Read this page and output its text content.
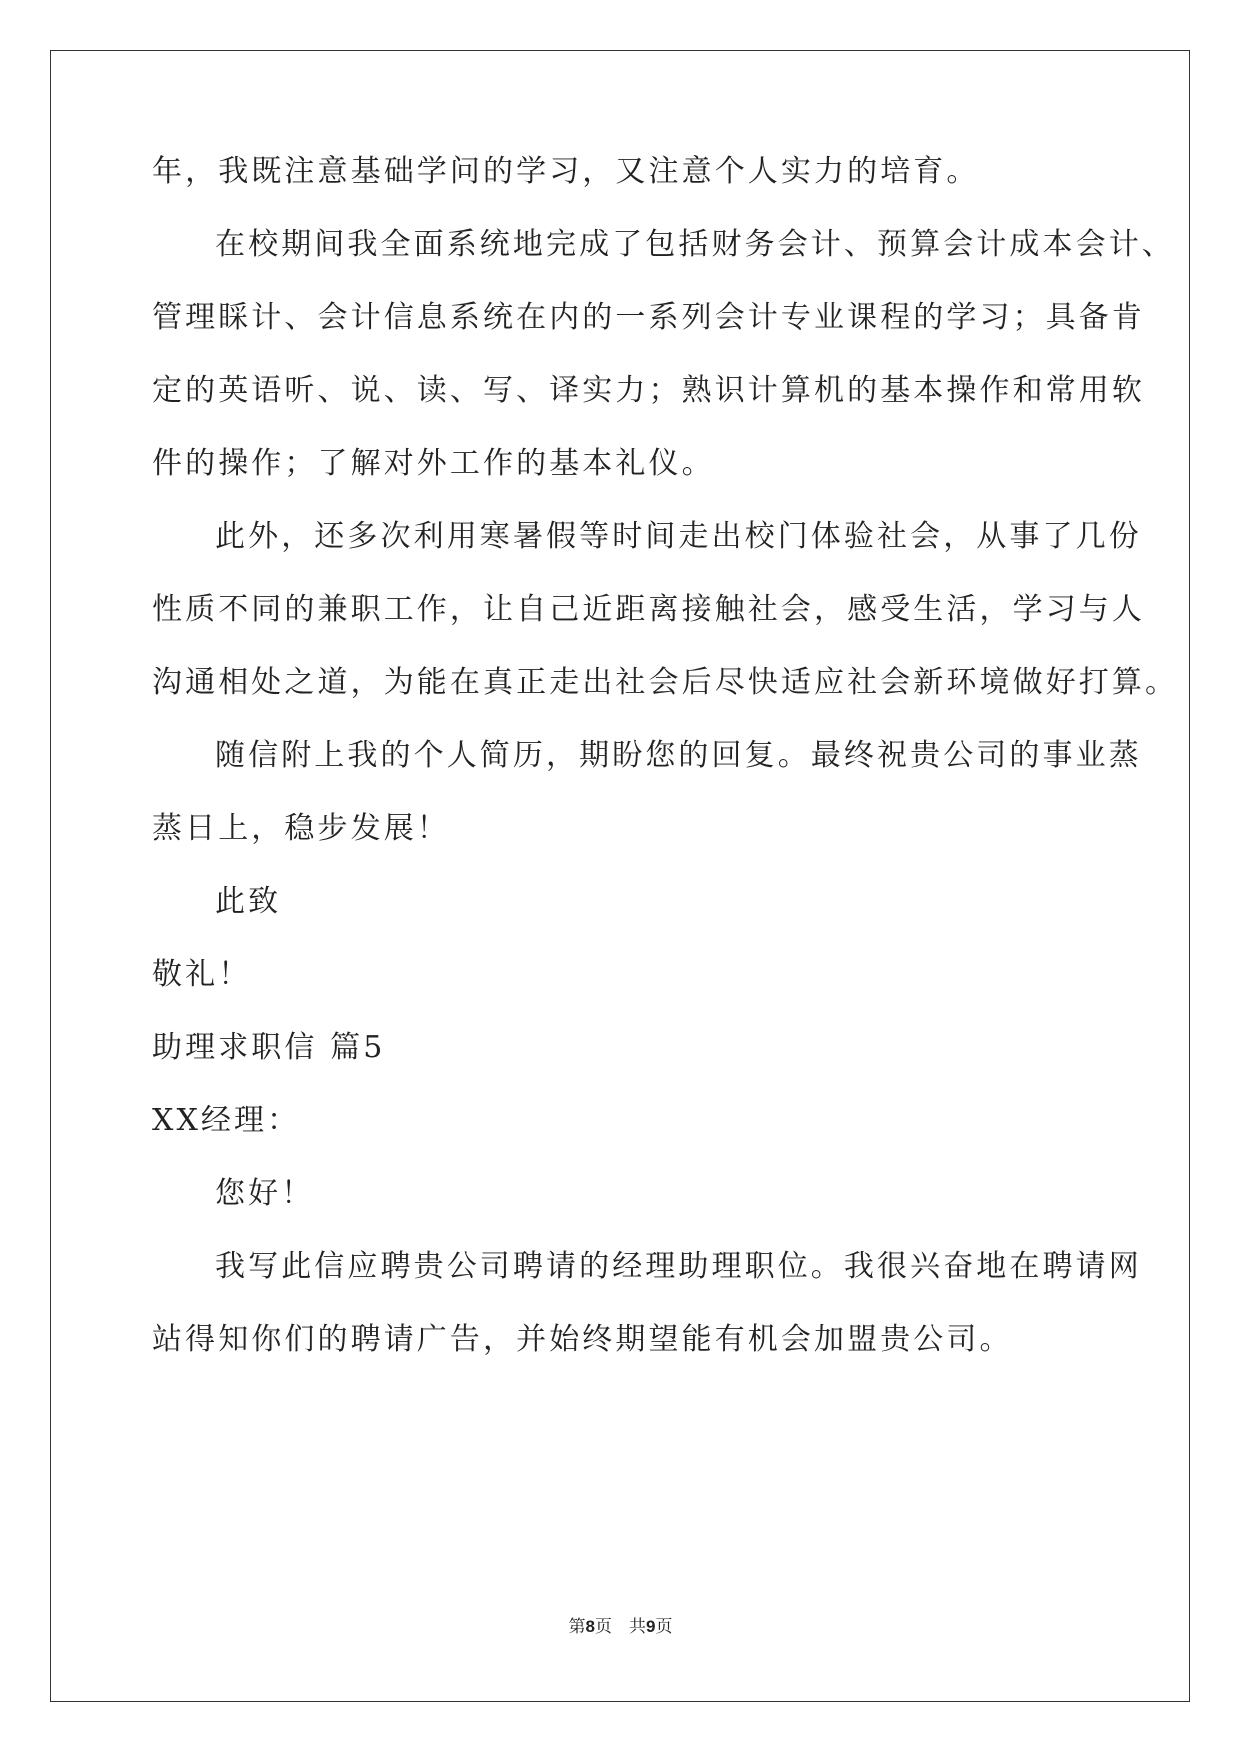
年，我既注意基础学问的学习，又注意个人实力的培育。
在校期间我全面系统地完成了包括财务会计、预算会计成本会计、
管理睬计、会计信息系统在内的一系列会计专业课程的学习；具备肯
定的英语听、说、读、写、译实力；熟识计算机的基本操作和常用软
件的操作；了解对外工作的基本礼仪。
此外，还多次利用寒暑假等时间走出校门体验社会，从事了几份
性质不同的兼职工作，让自己近距离接触社会，感受生活，学习与人
沟通相处之道，为能在真正走出社会后尽快适应社会新环境做好打算。
随信附上我的个人简历，期盼您的回复。最终祝贵公司的事业蒸
蒸日上，稳步发展！
此致
敬礼！
助理求职信 篇5
XX经理：
您好！
我写此信应聘贵公司聘请的经理助理职位。我很兴奋地在聘请网
站得知你们的聘请广告，并始终期望能有机会加盟贵公司。
第8页　共9页
